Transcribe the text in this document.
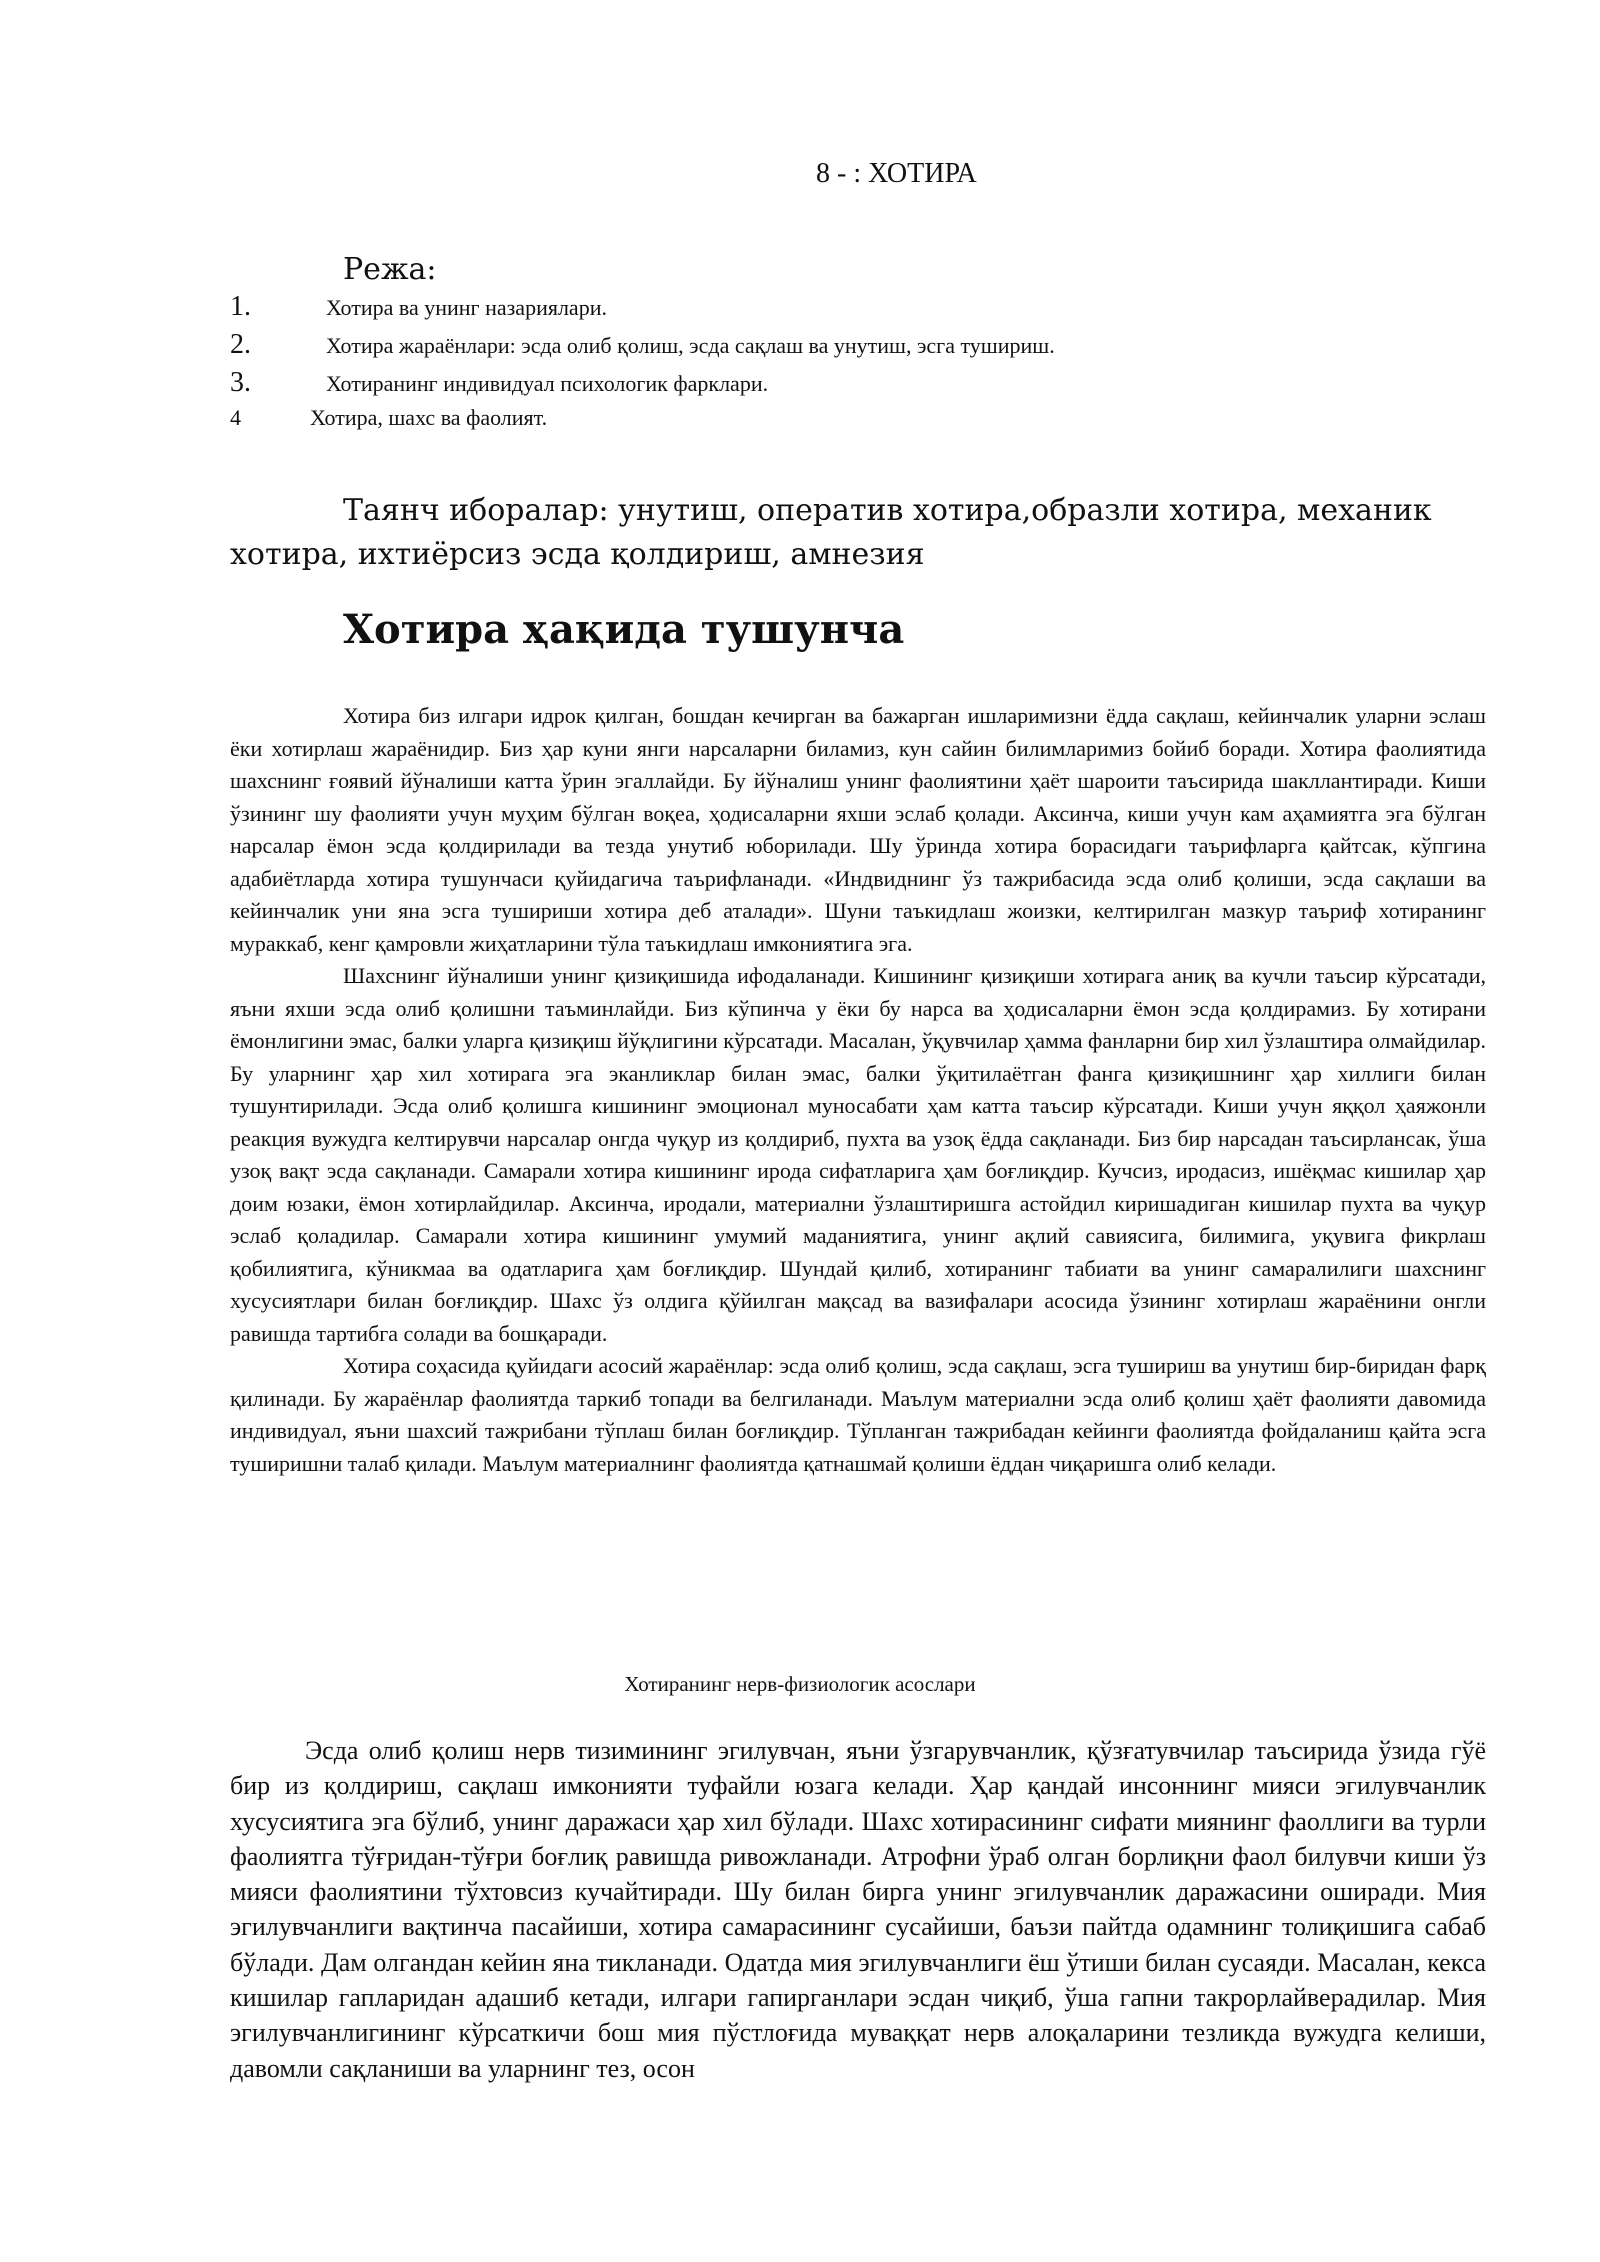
8 - : ХОТИРА
Режа:
1.	Хотира ва унинг назариялари.
2.	Хотира жараёнлари: эсда олиб қолиш, эсда сақлаш ва унутиш, эсга тушириш.
3.	Хотиранинг индивидуал психологик фарклари.
4	Хотира, шахс ва фаолият.
Таянч иборалар: унутиш, оператив хотира,образли хотира, механик
хотира, ихтиёрсиз эсда қолдириш, амнезия
Хотира ҳақида тушунча

Хотира биз илгари идрок қилган, бошдан кечирган ва бажарган ишларимизни ёдда сақлаш, кейинчалик уларни эслаш ёки хотирлаш жараёнидир. Биз ҳар куни янги нарсаларни биламиз, кун сайин билимларимиз бойиб боради. Хотира фаолиятида шахснинг ғоявий йўналиши катта ўрин эгаллайди. Бу йўналиш унинг фаолиятини ҳаёт шароити таъсирида шакллантиради. Киши ўзининг шу фаолияти учун муҳим бўлган воқеа, ҳодисаларни яхши эслаб қолади. Аксинча, киши учун кам аҳамиятга эга бўлган нарсалар ёмон эсда қолдирилади ва тезда унутиб юборилади. Шу ўринда хотира борасидаги таърифларга қайтсак, кўпгина адабиётларда хотира тушунчаси қуйидагича таърифланади. «Индвиднинг ўз тажрибасида эсда олиб қолиши, эсда сақлаши ва кейинчалик уни яна эсга тушириши хотира деб аталади». Шуни таъкидлаш жоизки, келтирилган мазкур таъриф хотиранинг мураккаб, кенг қамровли жиҳатларини тўла таъкидлаш имкониятига эга.

Шахснинг йўналиши унинг қизиқишида ифодаланади. Кишининг қизиқиши хотирага аниқ ва кучли таъсир кўрсатади, яъни яхши эсда олиб қолишни таъминлайди. Биз кўпинча у ёки бу нарса ва ҳодисаларни ёмон эсда қолдирамиз. Бу хотирани ёмонлигини эмас, балки уларга қизиқиш йўқлигини кўрсатади. Масалан, ўқувчилар ҳамма фанларни бир хил ўзлаштира олмайдилар. Бу уларнинг ҳар хил хотирага эга эканликлар билан эмас, балки ўқитилаётган фанга қизиқишнинг ҳар хиллиги билан тушунтирилади. Эсда олиб қолишга кишининг эмоционал муносабати ҳам катта таъсир кўрсатади. Киши учун яққол ҳаяжонли реакция вужудга келтирувчи нарсалар онгда чуқур из қолдириб, пухта ва узоқ ёдда сақланади. Биз бир нарсадан таъсирлансак, ўша узоқ вақт эсда сақланади. Самарали хотира кишининг ирода сифатларига ҳам боғлиқдир. Кучсиз, иродасиз, ишёқмас кишилар ҳар доим юзаки, ёмон хотирлайдилар. Аксинча, иродали, материални ўзлаштиришга астойдил киришадиган кишилар пухта ва чуқур эслаб қоладилар. Самарали хотира кишининг умумий маданиятига, унинг ақлий савиясига, билимига, уқувига фикрлаш қобилиятига, кўникмаа ва одатларига ҳам боғлиқдир. Шундай қилиб, хотиранинг табиати ва унинг самаралилиги шахснинг хусусиятлари билан боғлиқдир. Шахс ўз олдига қўйилган мақсад ва вазифалари асосида ўзининг хотирлаш жараёнини онгли равишда тартибга солади ва бошқаради.

Хотира соҳасида қуйидаги асосий жараёнлар: эсда олиб қолиш, эсда сақлаш, эсга тушириш ва унутиш бир-биридан фарқ қилинади. Бу жараёнлар фаолиятда таркиб топади ва белгиланади. Маълум материални эсда олиб қолиш ҳаёт фаолияти давомида индивидуал, яъни шахсий тажрибани тўплаш билан боғлиқдир. Тўпланган тажрибадан кейинги фаолиятда фойдаланиш қайта эсга туширишни талаб қилади. Маълум материалнинг фаолиятда қатнашмай қолиши ёддан чиқаришга олиб келади.

Хотиранинг нерв-физиологик асослари

Эсда олиб қолиш нерв тизимининг эгилувчан, яъни ўзгарувчанлик, қўзғатувчилар таъсирида ўзида гўё бир из қолдириш, сақлаш имконияти туфайли юзага келади. Ҳар қандай инсоннинг мияси эгилувчанлик хусусиятига эга бўлиб, унинг даражаси ҳар хил бўлади. Шахс хотирасининг сифати миянинг фаоллиги ва турли фаолиятга тўғридан-тўғри боғлиқ равишда ривожланади. Атрофни ўраб олган борлиқни фаол билувчи киши ўз мияси фаолиятини тўхтовсиз кучайтиради. Шу билан бирга унинг эгилувчанлик даражасини оширади. Мия эгилувчанлиги вақтинча пасайиши, хотира самарасининг сусайиши, баъзи пайтда одамнинг толиқишига сабаб бўлади. Дам олгандан кейин яна тикланади. Одатда мия эгилувчанлиги ёш ўтиши билан сусаяди. Масалан, кекса кишилар гапларидан адашиб кетади, илгари гапирганлари эсдан чиқиб, ўша гапни такрорлайверадилар. Мия эгилувчанлигининг кўрсаткичи бош мия пўстлоғида муваққат нерв алоқаларини тезликда вужудга келиши, давомли сақланиши ва уларнинг тез, осон
